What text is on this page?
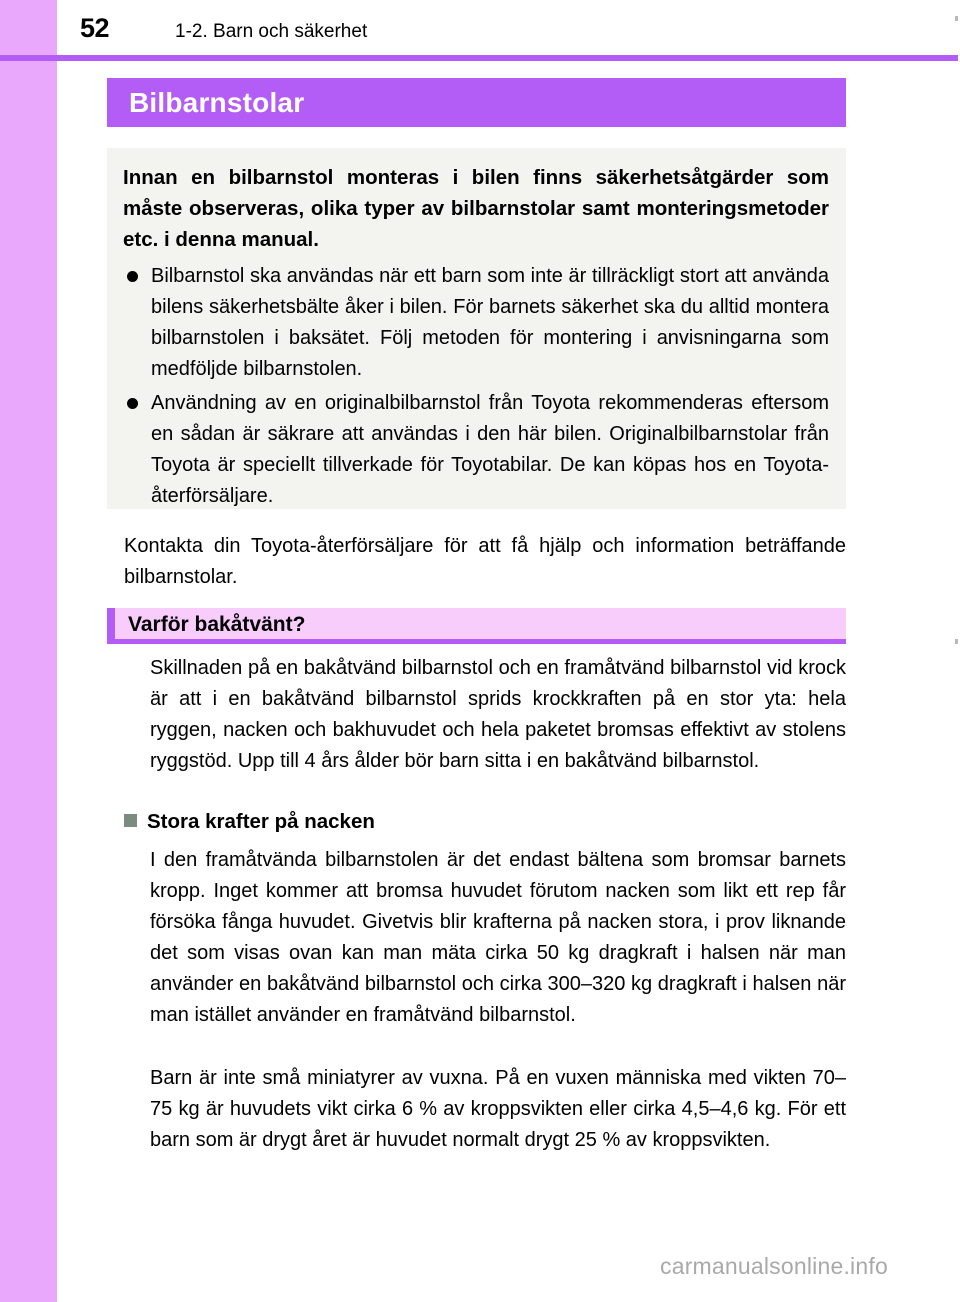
52	1-2. Barn och säkerhet
Bilbarnstolar

Innan en bilbarnstol monteras i bilen finns säkerhetsåtgärder som måste observeras, olika typer av bilbarnstolar samt monteringsmetoder etc. i denna manual.

Bilbarnstol ska användas när ett barn som inte är tillräckligt stort att använda bilens säkerhetsbälte åker i bilen. För barnets säkerhet ska du alltid montera bilbarnstolen i baksätet. Följ metoden för montering i anvisningarna som medföljde bilbarnstolen.
Användning av en originalbilbarnstol från Toyota rekommenderas eftersom en sådan är säkrare att användas i den här bilen. Originalbilbarnstolar från Toyota är speciellt tillverkade för Toyotabilar. De kan köpas hos en Toyota-återförsäljare.

Kontakta din Toyota-återförsäljare för att få hjälp och information beträffande bilbarnstolar.

Varför bakåtvänt?

Skillnaden på en bakåtvänd bilbarnstol och en framåtvänd bilbarnstol vid krock är att i en bakåtvänd bilbarnstol sprids krockkraften på en stor yta: hela ryggen, nacken och bakhuvudet och hela paketet bromsas effektivt av stolens ryggstöd. Upp till 4 års ålder bör barn sitta i en bakåtvänd bilbarnstol.

Stora krafter på nacken

I den framåtvända bilbarnstolen är det endast bältena som bromsar barnets kropp. Inget kommer att bromsa huvudet förutom nacken som likt ett rep får försöka fånga huvudet. Givetvis blir krafterna på nacken stora, i prov liknande det som visas ovan kan man mäta cirka 50 kg dragkraft i halsen när man använder en bakåtvänd bilbarnstol och cirka 300–320 kg dragkraft i halsen när man istället använder en framåtvänd bilbarnstol.

Barn är inte små miniatyrer av vuxna. På en vuxen människa med vikten 70–75 kg är huvudets vikt cirka 6 % av kroppsvikten eller cirka 4,5–4,6 kg. För ett barn som är drygt året är huvudet normalt drygt 25 % av kroppsvikten.

carmanualsonline.info
